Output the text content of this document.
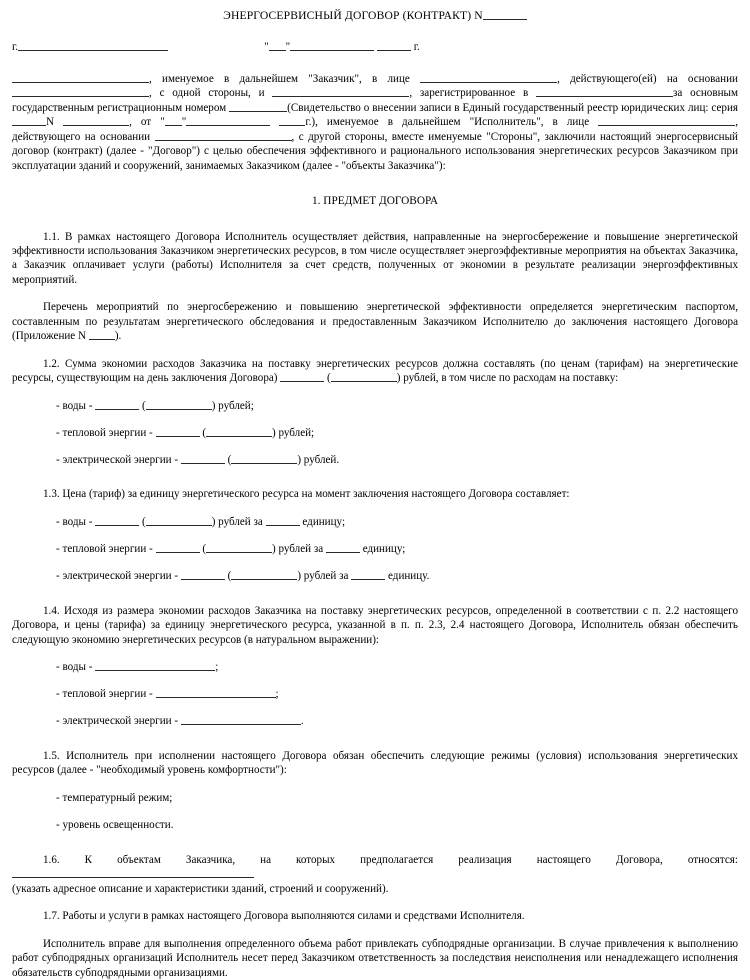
ЭНЕРГОСЕРВИСНЫЙ ДОГОВОР (КОНТРАКТ) N
г.	" "	г.
, именуемое в дальнейшем "Заказчик", в лице	, действующего(ей) на основании , с одной стороны, и	, зарегистрированное в	за основным государственным регистрационным номером	(Свидетельство о внесении записи в Единый государственный реестр юридических лиц: серия N	, от " "	г.), именуемое в дальнейшем "Исполнитель", в лице	, действующего на основании	, с другой стороны, вместе именуемые "Стороны", заключили настоящий энергосервисный договор (контракт) (далее - "Договор") с целью обеспечения эффективного и рационального использования энергетических ресурсов Заказчиком при эксплуатации зданий и сооружений, занимаемых Заказчиком (далее - "объекты Заказчика"):
1. ПРЕДМЕТ ДОГОВОРА
1.1. В рамках настоящего Договора Исполнитель осуществляет действия, направленные на энергосбережение и повышение энергетической эффективности использования Заказчиком энергетических ресурсов, в том числе осуществляет энергоэффективные мероприятия на объектах Заказчика, а Заказчик оплачивает услуги (работы) Исполнителя за счет средств, полученных от экономии в результате реализации энергоэффективных мероприятий.
Перечень мероприятий по энергосбережению и повышению энергетической эффективности определяется энергетическим паспортом, составленным по результатам энергетического обследования и предоставленным Заказчиком Исполнителю до заключения настоящего Договора (Приложение N	).
1.2. Сумма экономии расходов Заказчика на поставку энергетических ресурсов должна составлять (по ценам (тарифам) на энергетические ресурсы, существующим на день заключения Договора)	(	) рублей, в том числе по расходам на поставку:
- воды -	(	) рублей;
- тепловой энергии -	(	) рублей;
- электрической энергии -	(	) рублей.
1.3. Цена (тариф) за единицу энергетического ресурса на момент заключения настоящего Договора составляет:
- воды -	(	) рублей за	единицу;
- тепловой энергии -	(	) рублей за	единицу;
- электрической энергии -	(	) рублей за	единицу.
1.4. Исходя из размера экономии расходов Заказчика на поставку энергетических ресурсов, определенной в соответствии с п. 2.2 настоящего Договора, и цены (тарифа) за единицу энергетического ресурса, указанной в п. п. 2.3, 2.4 настоящего Договора, Исполнитель обязан обеспечить следующую экономию энергетических ресурсов (в натуральном выражении):
- воды -	;
- тепловой энергии -	;
- электрической энергии -	.
1.5. Исполнитель при исполнении настоящего Договора обязан обеспечить следующие режимы (условия) использования энергетических ресурсов (далее - "необходимый уровень комфортности"):
- температурный режим;
- уровень освещенности.
1.6. К объектам Заказчика, на которых предполагается реализация настоящего Договора, относятся:
(указать адресное описание и характеристики зданий, строений и сооружений).
1.7. Работы и услуги в рамках настоящего Договора выполняются силами и средствами Исполнителя.
Исполнитель вправе для выполнения определенного объема работ привлекать субподрядные организации. В случае привлечения к выполнению работ субподрядных организаций Исполнитель несет перед Заказчиком ответственность за последствия неисполнения или ненадлежащего исполнения обязательств субподрядными организациями.
